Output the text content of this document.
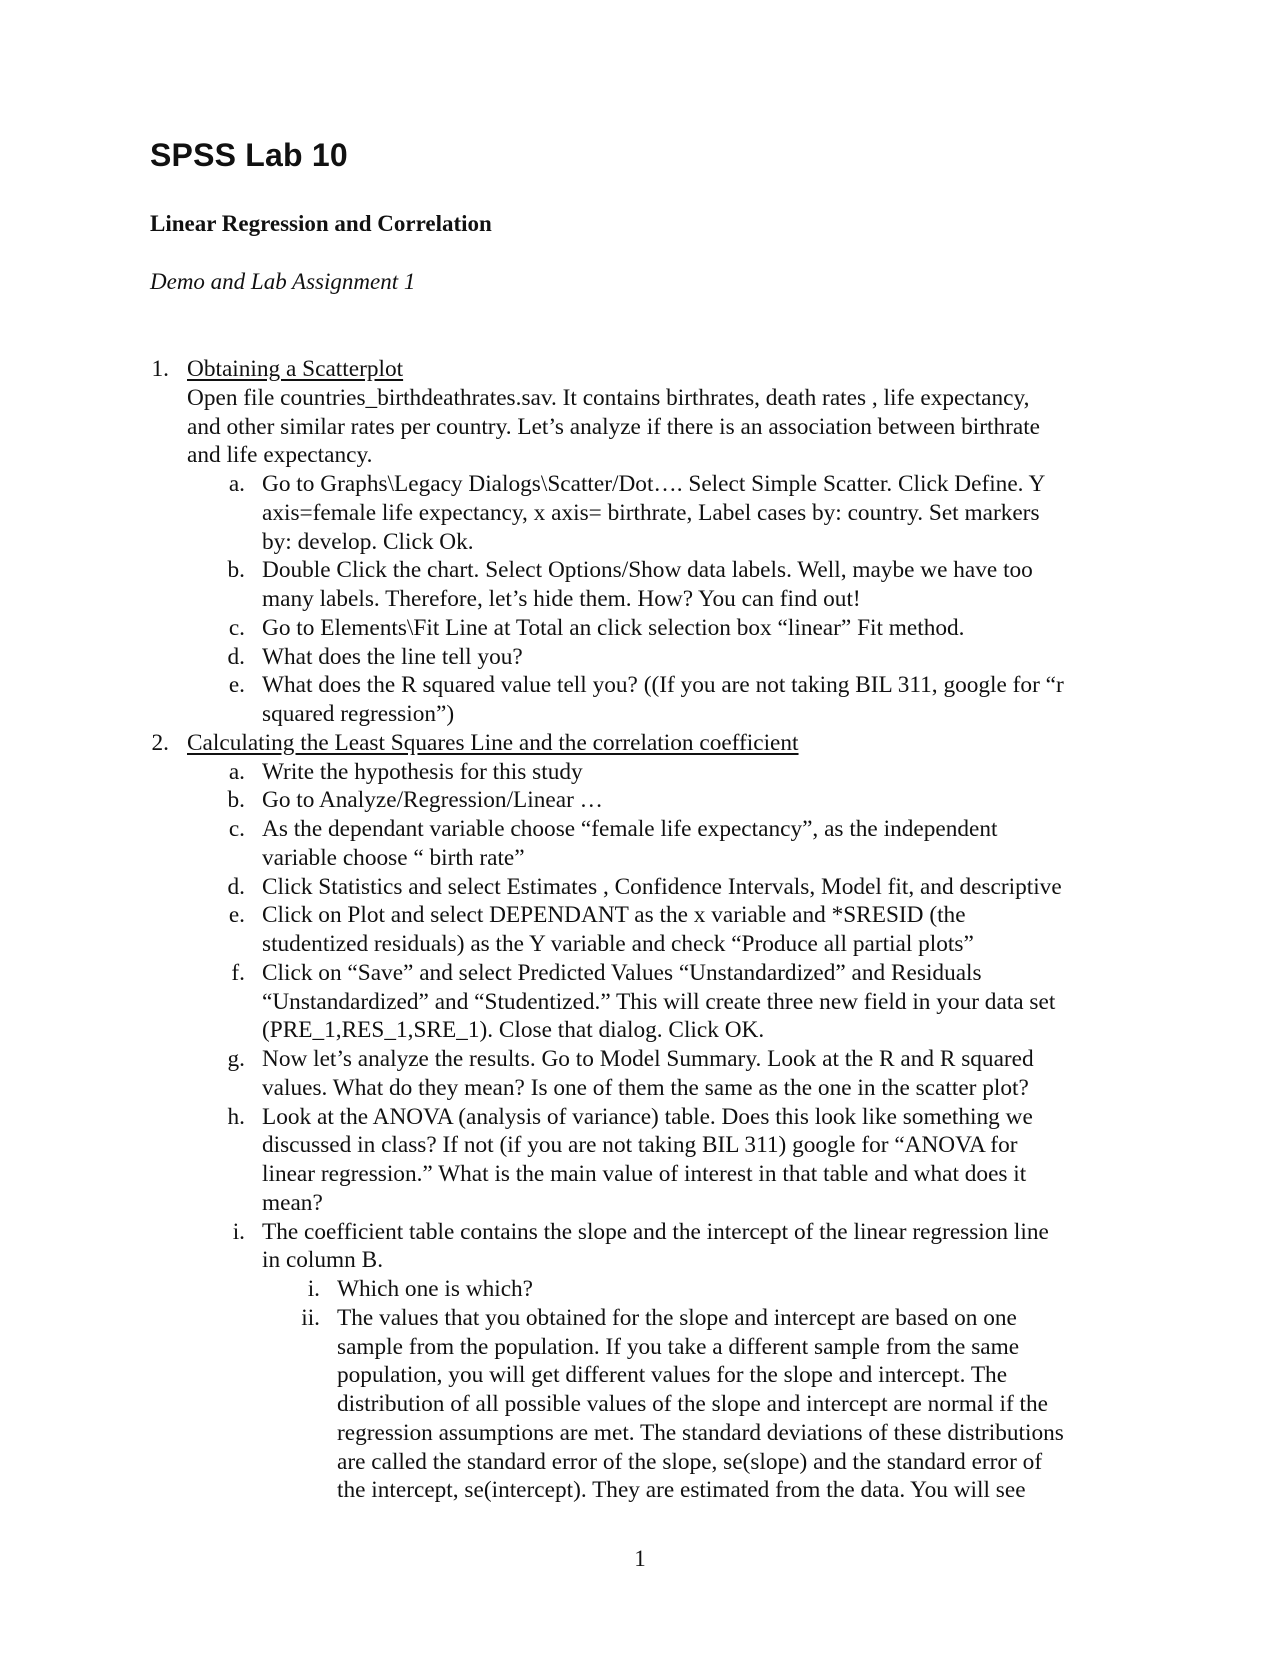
SPSS Lab 10
Linear Regression and Correlation

Demo and Lab Assignment 1

1. Obtaining a Scatterplot
Open file countries_birthdeathrates.sav. It contains birthrates, death rates , life expectancy,
and other similar rates per country. Let’s analyze if there is an association between birthrate
and life expectancy.
a. Go to Graphs\Legacy Dialogs\Scatter/Dot…. Select Simple Scatter. Click Define. Y
axis=female life expectancy, x axis= birthrate, Label cases by: country. Set markers
by: develop. Click Ok.
b. Double Click the chart. Select Options/Show data labels. Well, maybe we have too
many labels. Therefore, let’s hide them. How? You can find out!
c. Go to Elements\Fit Line at Total an click selection box “linear” Fit method.
d. What does the line tell you?
e. What does the R squared value tell you? ((If you are not taking BIL 311, google for “r
squared regression”)
2. Calculating the Least Squares Line and the correlation coefficient
a. Write the hypothesis for this study
b. Go to Analyze/Regression/Linear …
c. As the dependant variable choose “female life expectancy”, as the independent
variable choose “ birth rate”
d. Click Statistics and select Estimates , Confidence Intervals, Model fit, and descriptive
e. Click on Plot and select DEPENDANT as the x variable and *SRESID (the
studentized residuals) as the Y variable and check “Produce all partial plots”
f. Click on “Save” and select Predicted Values “Unstandardized” and Residuals
“Unstandardized” and “Studentized.” This will create three new field in your data set
(PRE_1,RES_1,SRE_1). Close that dialog. Click OK.
g. Now let’s analyze the results. Go to Model Summary. Look at the R and R squared
values. What do they mean? Is one of them the same as the one in the scatter plot?
h. Look at the ANOVA (analysis of variance) table. Does this look like something we
discussed in class? If not (if you are not taking BIL 311) google for “ANOVA for
linear regression.” What is the main value of interest in that table and what does it
mean?
i. The coefficient table contains the slope and the intercept of the linear regression line
in column B.
i. Which one is which?
ii. The values that you obtained for the slope and intercept are based on one
sample from the population. If you take a different sample from the same
population, you will get different values for the slope and intercept. The
distribution of all possible values of the slope and intercept are normal if the
regression assumptions are met. The standard deviations of these distributions
are called the standard error of the slope, se(slope) and the standard error of
the intercept, se(intercept). They are estimated from the data. You will see
1
